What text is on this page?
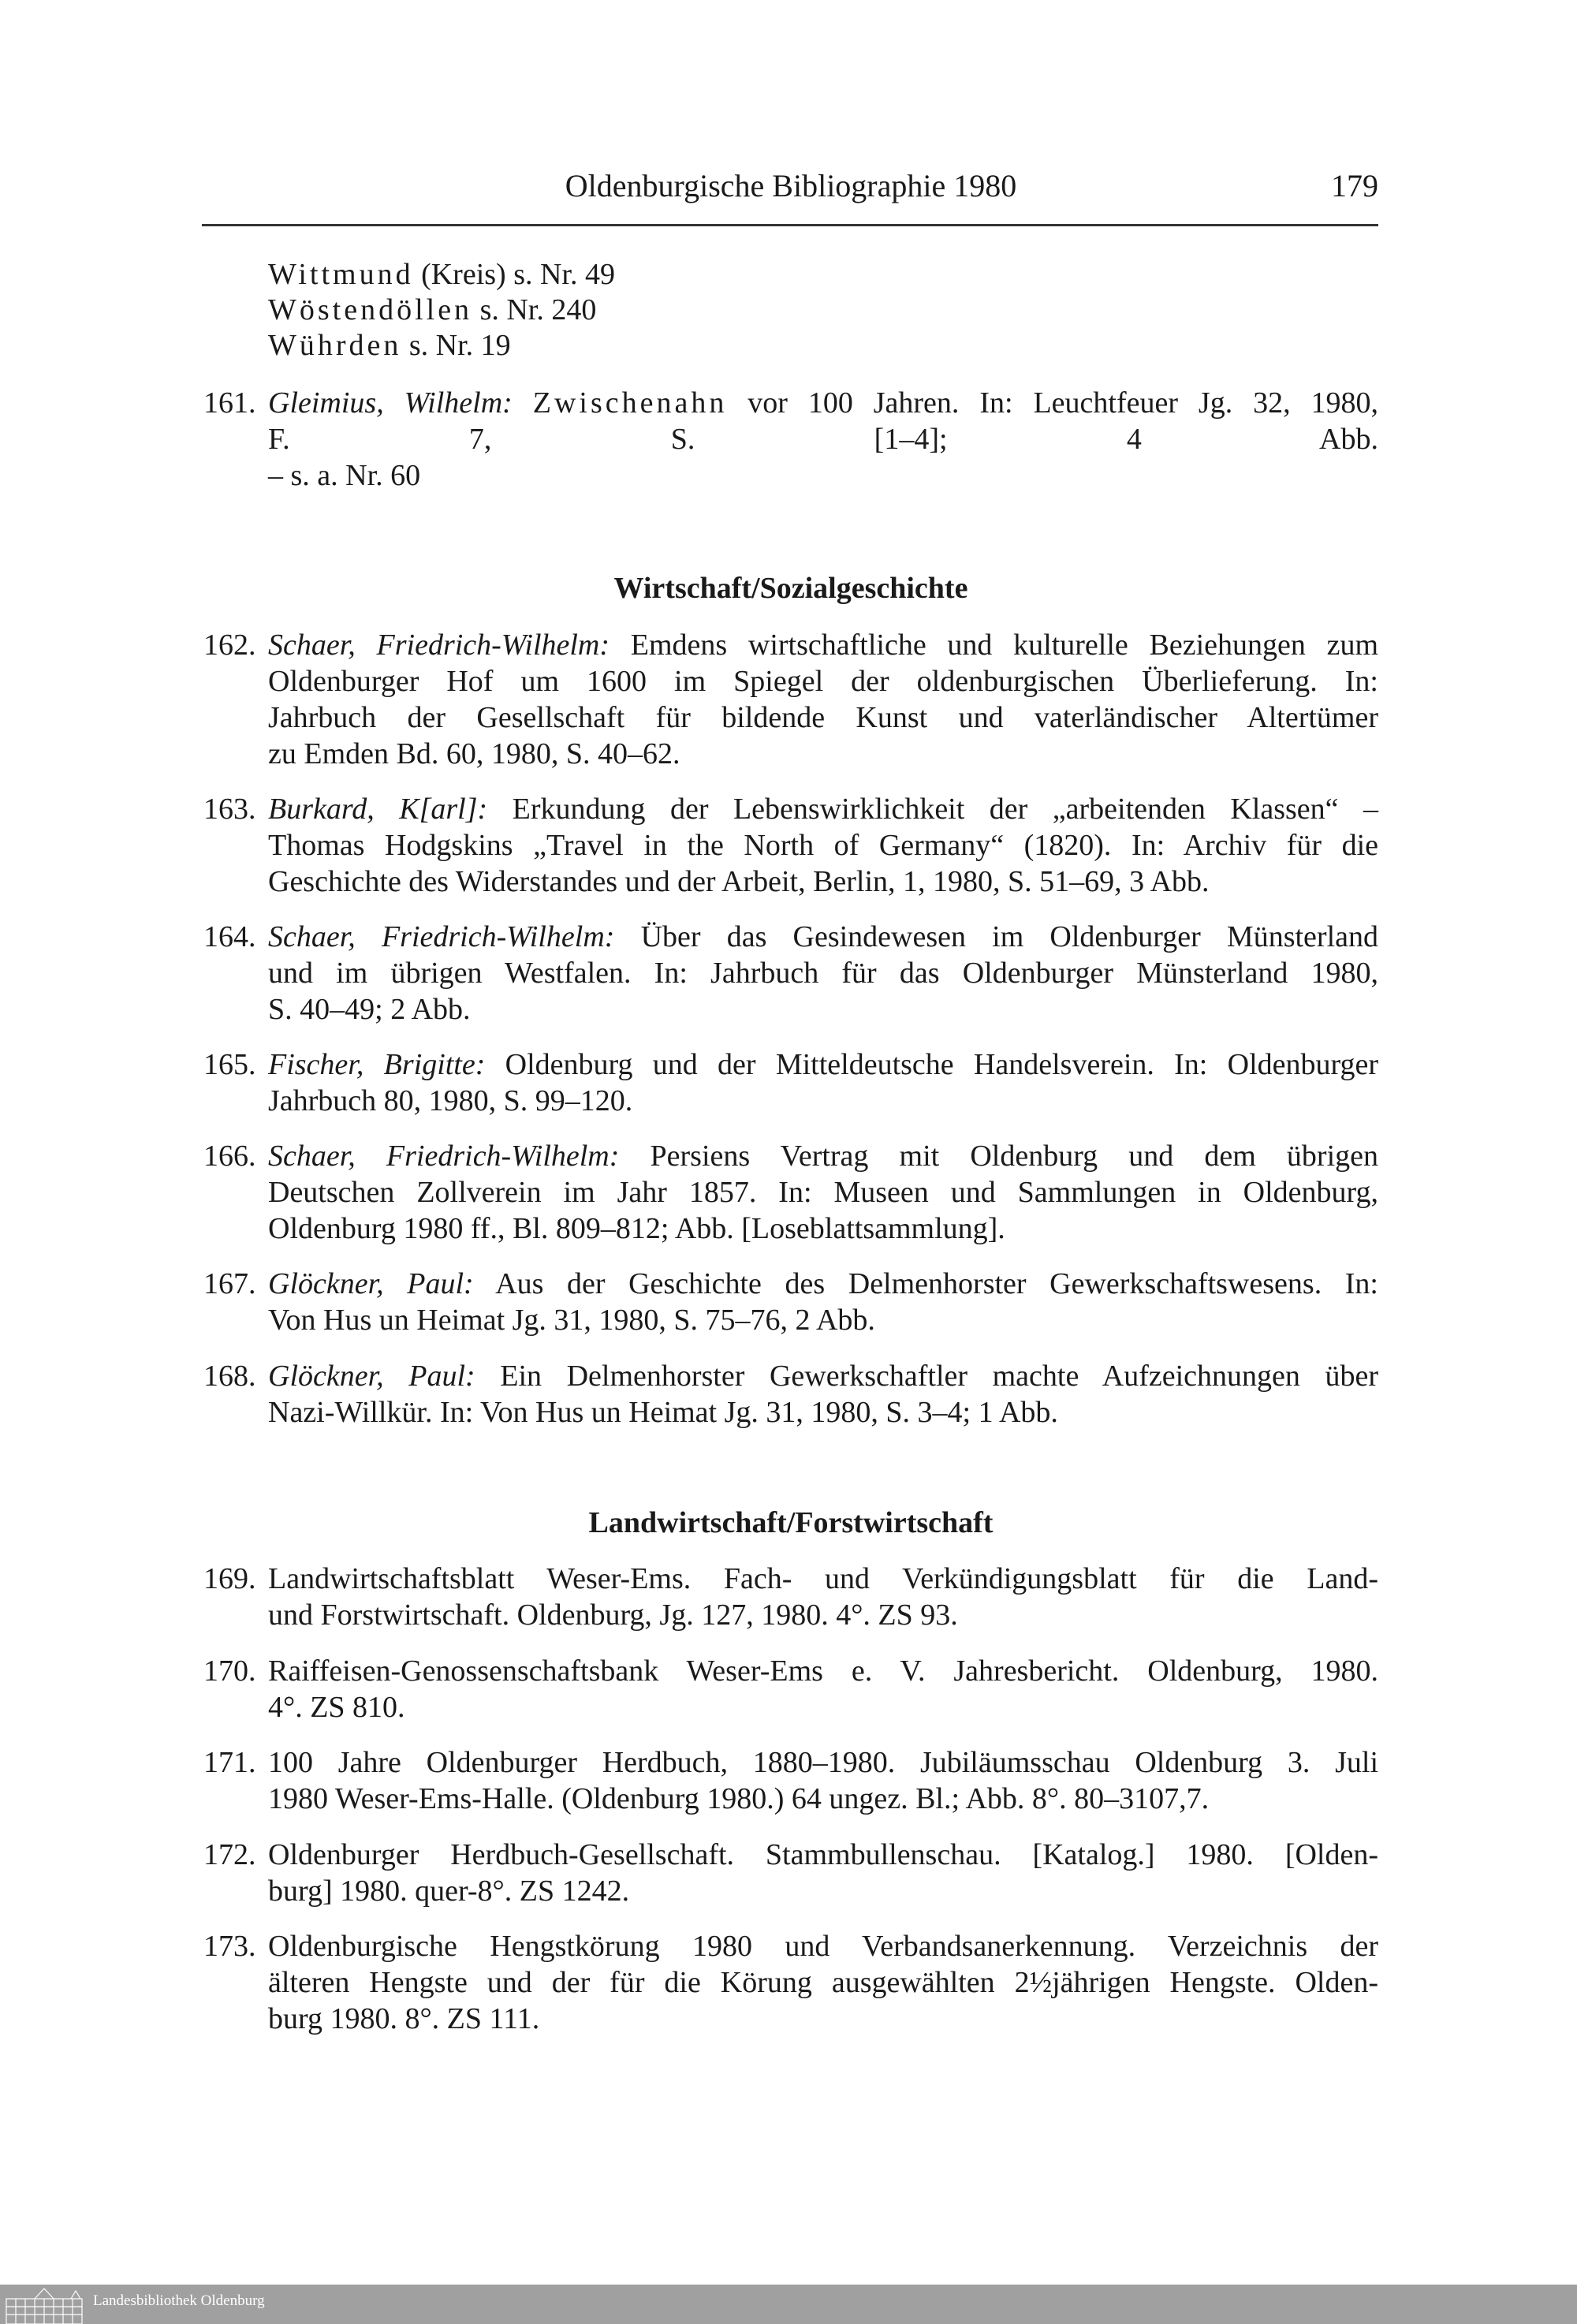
Oldenburgische Bibliographie 1980	179
Wittmund (Kreis) s. Nr. 49
Wöstendöllen s. Nr. 240
Wührden s. Nr. 19
161. Gleimius, Wilhelm: Zwischenahn vor 100 Jahren. In: Leuchtfeuer Jg. 32, 1980,
F. 7, S. [1–4]; 4 Abb.
– s. a. Nr. 60
162. Schaer, Friedrich-Wilhelm: Emdens wirtschaftliche und kulturelle Beziehungen zum
Oldenburger Hof um 1600 im Spiegel der oldenburgischen Überlieferung. In:
Jahrbuch der Gesellschaft für bildende Kunst und vaterländischer Altertümer
zu Emden Bd. 60, 1980, S. 40–62.
163. Burkard, K[arl]: Erkundung der Lebenswirklichkeit der „arbeitenden Klassen“ –
Thomas Hodgskins „Travel in the North of Germany“ (1820). In: Archiv für die
Geschichte des Widerstandes und der Arbeit, Berlin, 1, 1980, S. 51–69, 3 Abb.
164. Schaer, Friedrich-Wilhelm: Über das Gesindewesen im Oldenburger Münsterland
und im übrigen Westfalen. In: Jahrbuch für das Oldenburger Münsterland 1980,
S. 40–49; 2 Abb.
165. Fischer, Brigitte: Oldenburg und der Mitteldeutsche Handelsverein. In: Oldenburger
Jahrbuch 80, 1980, S. 99–120.
166. Schaer, Friedrich-Wilhelm: Persiens Vertrag mit Oldenburg und dem übrigen
Deutschen Zollverein im Jahr 1857. In: Museen und Sammlungen in Oldenburg,
Oldenburg 1980 ff., Bl. 809–812; Abb. [Loseblattsammlung].
167. Glöckner, Paul: Aus der Geschichte des Delmenhorster Gewerkschaftswesens. In:
Von Hus un Heimat Jg. 31, 1980, S. 75–76, 2 Abb.
168. Glöckner, Paul: Ein Delmenhorster Gewerkschaftler machte Aufzeichnungen über
Nazi-Willkür. In: Von Hus un Heimat Jg. 31, 1980, S. 3–4; 1 Abb.
169. Landwirtschaftsblatt Weser-Ems. Fach- und Verkündigungsblatt für die Land-
und Forstwirtschaft. Oldenburg, Jg. 127, 1980. 4°. ZS 93.
170. Raiffeisen-Genossenschaftsbank Weser-Ems e. V. Jahresbericht. Oldenburg, 1980.
4°. ZS 810.
171. 100 Jahre Oldenburger Herdbuch, 1880–1980. Jubiläumsschau Oldenburg 3. Juli
1980 Weser-Ems-Halle. (Oldenburg 1980.) 64 ungez. Bl.; Abb. 8°. 80–3107,7.
172. Oldenburger Herdbuch-Gesellschaft. Stammbullenschau. [Katalog.] 1980. [Olden-
burg] 1980. quer-8°. ZS 1242.
173. Oldenburgische Hengstkörung 1980 und Verbandsanerkennung. Verzeichnis der
älteren Hengste und der für die Körung ausgewählten 2½jährigen Hengste. Olden-
burg 1980. 8°. ZS 111.
Wirtschaft/Sozialgeschichte
Landwirtschaft/Forstwirtschaft
Landesbibliothek Oldenburg
